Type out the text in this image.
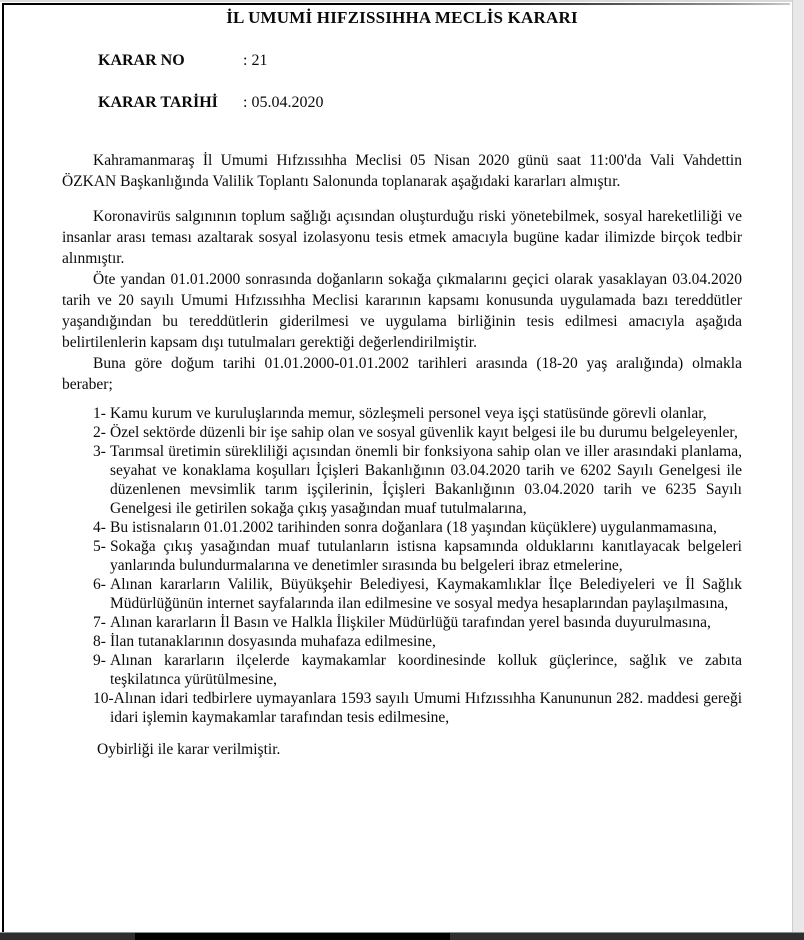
İL UMUMİ HIFZISSIHHA MECLİS KARARI
KARAR NO	: 21
KARAR TARİHİ : 05.04.2020

Kahramanmaraş İl Umumi Hıfzıssıhha Meclisi 05 Nisan 2020 günü saat 11:00'da Vali Vahdettin ÖZKAN Başkanlığında Valilik Toplantı Salonunda toplanarak aşağıdaki kararları almıştır.

Koronavirüs salgınının toplum sağlığı açısından oluşturduğu riski yönetebilmek, sosyal hareketliliği ve insanlar arası teması azaltarak sosyal izolasyonu tesis etmek amacıyla bugüne kadar ilimizde birçok tedbir alınmıştır.

Öte yandan 01.01.2000 sonrasında doğanların sokağa çıkmalarını geçici olarak yasaklayan 03.04.2020 tarih ve 20 sayılı Umumi Hıfzıssıhha Meclisi kararının kapsamı konusunda uygulamada bazı tereddütler yaşandığından bu tereddütlerin giderilmesi ve uygulama birliğinin tesis edilmesi amacıyla aşağıda belirtilenlerin kapsam dışı tutulmaları gerektiği değerlendirilmiştir.

Buna göre doğum tarihi 01.01.2000-01.01.2002 tarihleri arasında (18-20 yaş aralığında) olmakla beraber;

1- Kamu kurum ve kuruluşlarında memur, sözleşmeli personel veya işçi statüsünde görevli olanlar,
2- Özel sektörde düzenli bir işe sahip olan ve sosyal güvenlik kayıt belgesi ile bu durumu belgeleyenler,
3- Tarımsal üretimin sürekliliği açısından önemli bir fonksiyona sahip olan ve iller arasındaki planlama, seyahat ve konaklama koşulları İçişleri Bakanlığının 03.04.2020 tarih ve 6202 Sayılı Genelgesi ile düzenlenen mevsimlik tarım işçilerinin, İçişleri Bakanlığının 03.04.2020 tarih ve 6235 Sayılı Genelgesi ile getirilen sokağa çıkış yasağından muaf tutulmalarına,
4- Bu istisnaların 01.01.2002 tarihinden sonra doğanlara (18 yaşından küçüklere) uygulanmamasına,
5- Sokağa çıkış yasağından muaf tutulanların istisna kapsamında olduklarını kanıtlayacak belgeleri yanlarında bulundurmalarına ve denetimler sırasında bu belgeleri ibraz etmelerine,
6- Alınan kararların Valilik, Büyükşehir Belediyesi, Kaymakamlıklar İlçe Belediyeleri ve İl Sağlık Müdürlüğünün internet sayfalarında ilan edilmesine ve sosyal medya hesaplarından paylaşılmasına,
7- Alınan kararların İl Basın ve Halkla İlişkiler Müdürlüğü tarafından yerel basında duyurulmasına,
8- İlan tutanaklarının dosyasında muhafaza edilmesine,
9- Alınan kararların ilçelerde kaymakamlar koordinesinde kolluk güçlerince, sağlık ve zabıta teşkilatınca yürütülmesine,
10-Alınan idari tedbirlere uymayanlara 1593 sayılı Umumi Hıfzıssıhha Kanununun 282. maddesi gereği idari işlemin kaymakamlar tarafından tesis edilmesine,

Oybirliği ile karar verilmiştir.
